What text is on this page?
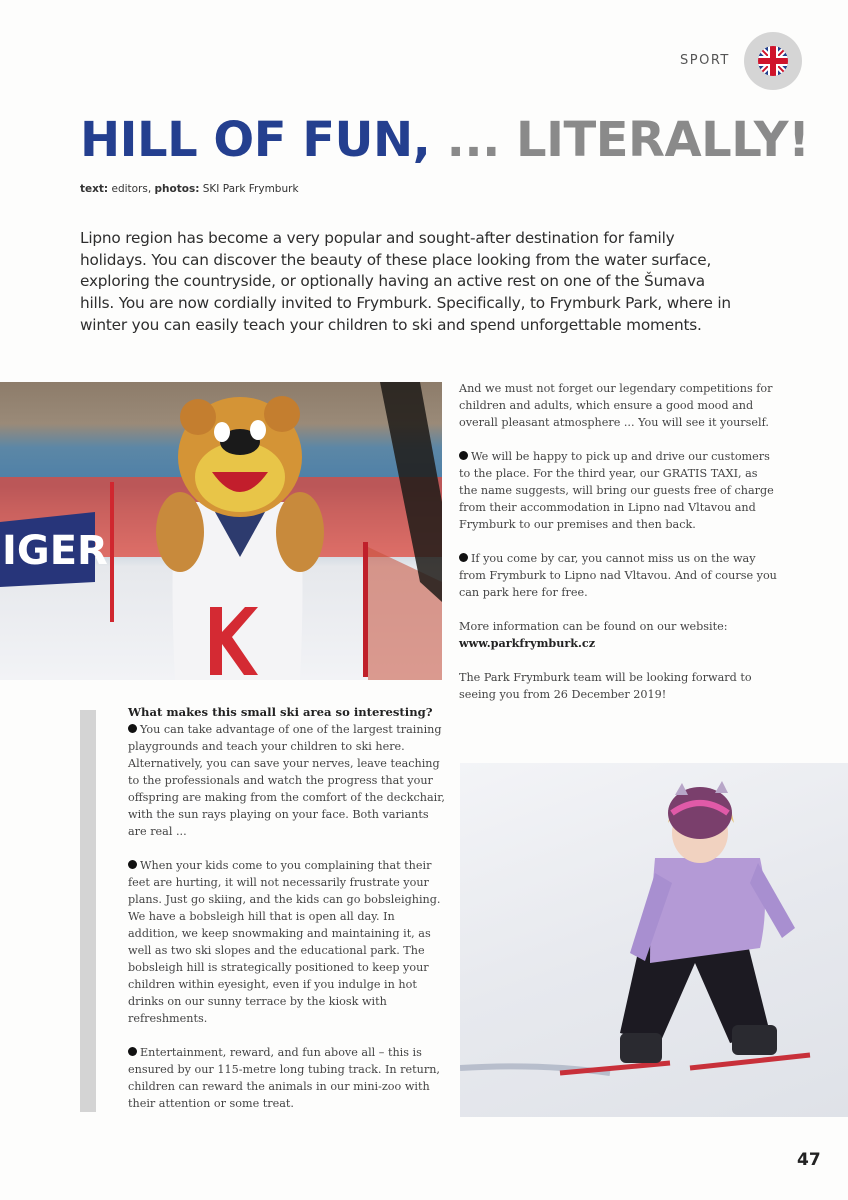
SPORT
HILL OF FUN, ... LITERALLY!
text: editors, photos: SKI Park Frymburk

Lipno region has become a very popular and sought-after destination for family holidays. You can discover the beauty of these place looking from the water surface, exploring the countryside, or optionally having an active rest on one of the Šumava hills. You are now cordially invited to Frymburk. Specifically, to Frymburk Park, where in winter you can easily teach your children to ski and spend unforgettable moments.

IGER

And we must not forget our legendary competitions for children and adults, which ensure a good mood and overall pleasant atmosphere ... You will see it yourself.

We will be happy to pick up and drive our customers to the place. For the third year, our GRATIS TAXI, as the name suggests, will bring our guests free of charge from their accommodation in Lipno nad Vltavou and Frymburk to our premises and then back.

If you come by car, you cannot miss us on the way from Frymburk to Lipno nad Vltavou. And of course you can park here for free.

More information can be found on our website:
www.parkfrymburk.cz

The Park Frymburk team will be looking forward to seeing you from 26 December 2019!

What makes this small ski area so interesting?

You can take advantage of one of the largest training playgrounds and teach your children to ski here. Alternatively, you can save your nerves, leave teaching to the professionals and watch the progress that your offspring are making from the comfort of the deckchair, with the sun rays playing on your face. Both variants are real ...

When your kids come to you complaining that their feet are hurting, it will not necessarily frustrate your plans. Just go skiing, and the kids can go bobsleighing. We have a bobsleigh hill that is open all day. In addition, we keep snowmaking and maintaining it, as well as two ski slopes and the educational park. The bobsleigh hill is strategically positioned to keep your children within eyesight, even if you indulge in hot drinks on our sunny terrace by the kiosk with refreshments.

Entertainment, reward, and fun above all – this is ensured by our 115-metre long tubing track. In return, children can reward the animals in our mini-zoo with their attention or some treat.

47
